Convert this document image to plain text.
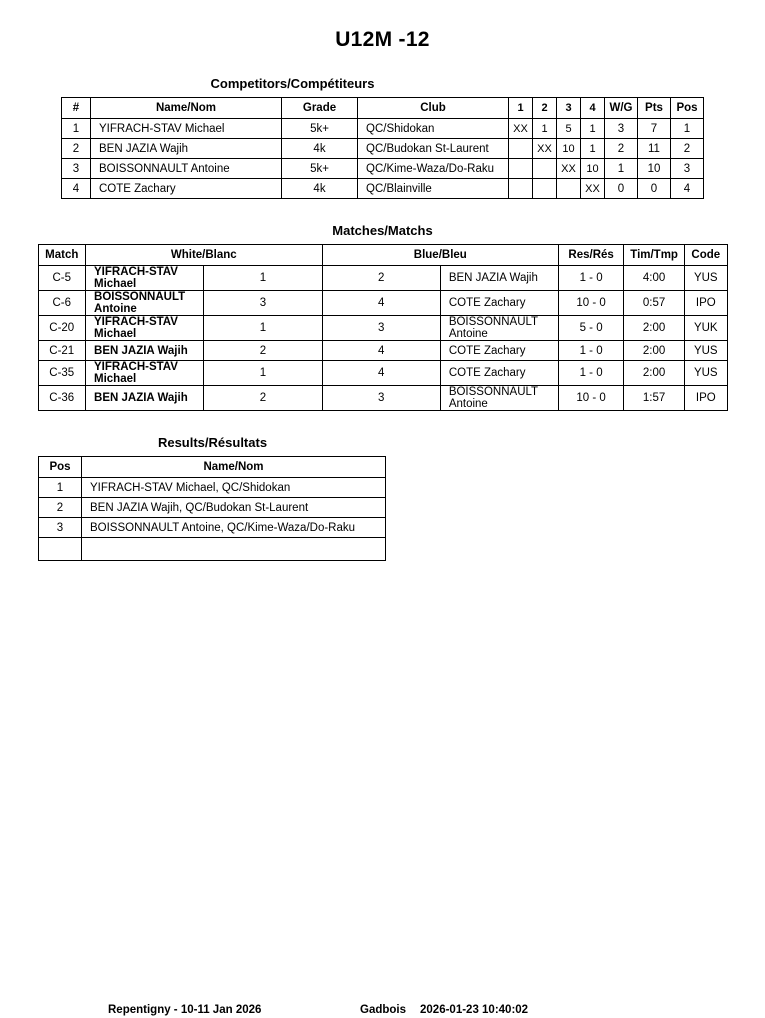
U12M -12
Competitors/Compétiteurs
#	Name/Nom	Grade	Club	1	2	3	4	W/G	Pts	Pos
1	YIFRACH-STAV Michael	5k+	QC/Shidokan	XX	1	5	1	3	7	1
2	BEN JAZIA Wajih	4k	QC/Budokan St-Laurent		XX	10	1	2	11	2
3	BOISSONNAULT Antoine	5k+	QC/Kime-Waza/Do-Raku			XX	10	1	10	3
4	COTE Zachary	4k	QC/Blainville				XX	0	0	4
Matches/Matchs
Match	White/Blanc		Blue/Bleu		Res/Rés	Tim/Tmp	Code
C-5	YIFRACH-STAV Michael	1	2	BEN JAZIA Wajih	1 - 0	4:00	YUS
C-6	BOISSONNAULT Antoine	3	4	COTE Zachary	10 - 0	0:57	IPO
C-20	YIFRACH-STAV Michael	1	3	BOISSONNAULT Antoine	5 - 0	2:00	YUK
C-21	BEN JAZIA Wajih	2	4	COTE Zachary	1 - 0	2:00	YUS
C-35	YIFRACH-STAV Michael	1	4	COTE Zachary	1 - 0	2:00	YUS
C-36	BEN JAZIA Wajih	2	3	BOISSONNAULT Antoine	10 - 0	1:57	IPO
Results/Résultats
Pos	Name/Nom
1	YIFRACH-STAV Michael, QC/Shidokan
2	BEN JAZIA Wajih, QC/Budokan St-Laurent
3	BOISSONNAULT Antoine, QC/Kime-Waza/Do-Raku

Repentigny - 10-11 Jan 2026	Gadbois 2026-01-23 10:40:02
